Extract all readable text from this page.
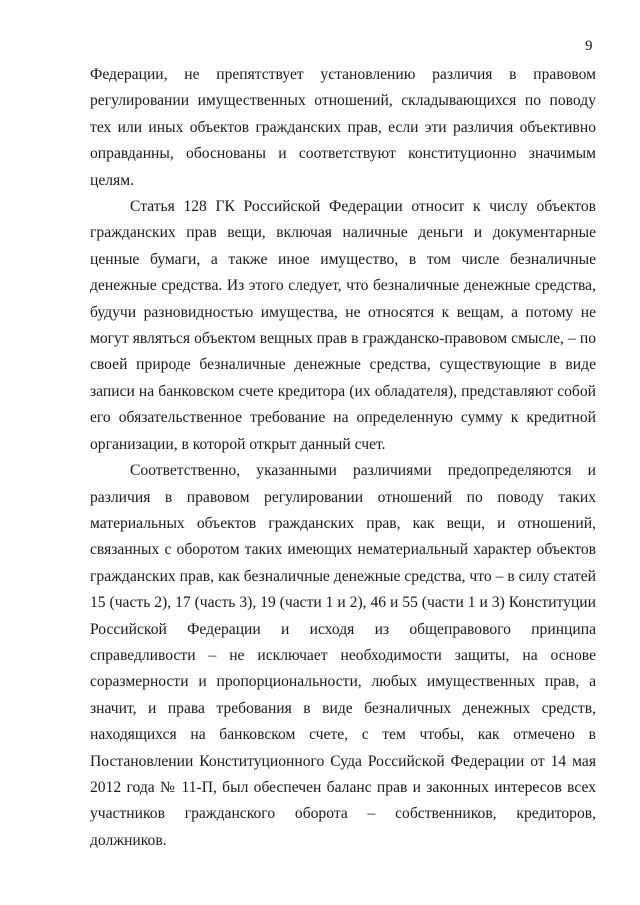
9

Федерации, не препятствует установлению различия в правовом регулировании имущественных отношений, складывающихся по поводу тех или иных объектов гражданских прав, если эти различия объективно оправданны, обоснованы и соответствуют конституционно значимым целям.

Статья 128 ГК Российской Федерации относит к числу объектов гражданских прав вещи, включая наличные деньги и документарные ценные бумаги, а также иное имущество, в том числе безналичные денежные средства. Из этого следует, что безналичные денежные средства, будучи разновидностью имущества, не относятся к вещам, а потому не могут являться объектом вещных прав в гражданско-правовом смысле, – по своей природе безналичные денежные средства, существующие в виде записи на банковском счете кредитора (их обладателя), представляют собой его обязательственное требование на определенную сумму к кредитной организации, в которой открыт данный счет.

Соответственно, указанными различиями предопределяются и различия в правовом регулировании отношений по поводу таких материальных объектов гражданских прав, как вещи, и отношений, связанных с оборотом таких имеющих нематериальный характер объектов гражданских прав, как безналичные денежные средства, что – в силу статей 15 (часть 2), 17 (часть 3), 19 (части 1 и 2), 46 и 55 (части 1 и 3) Конституции Российской Федерации и исходя из общеправового принципа справедливости – не исключает необходимости защиты, на основе соразмерности и пропорциональности, любых имущественных прав, а значит, и права требования в виде безналичных денежных средств, находящихся на банковском счете, с тем чтобы, как отмечено в Постановлении Конституционного Суда Российской Федерации от 14 мая 2012 года № 11-П, был обеспечен баланс прав и законных интересов всех участников гражданского оборота – собственников, кредиторов, должников.
